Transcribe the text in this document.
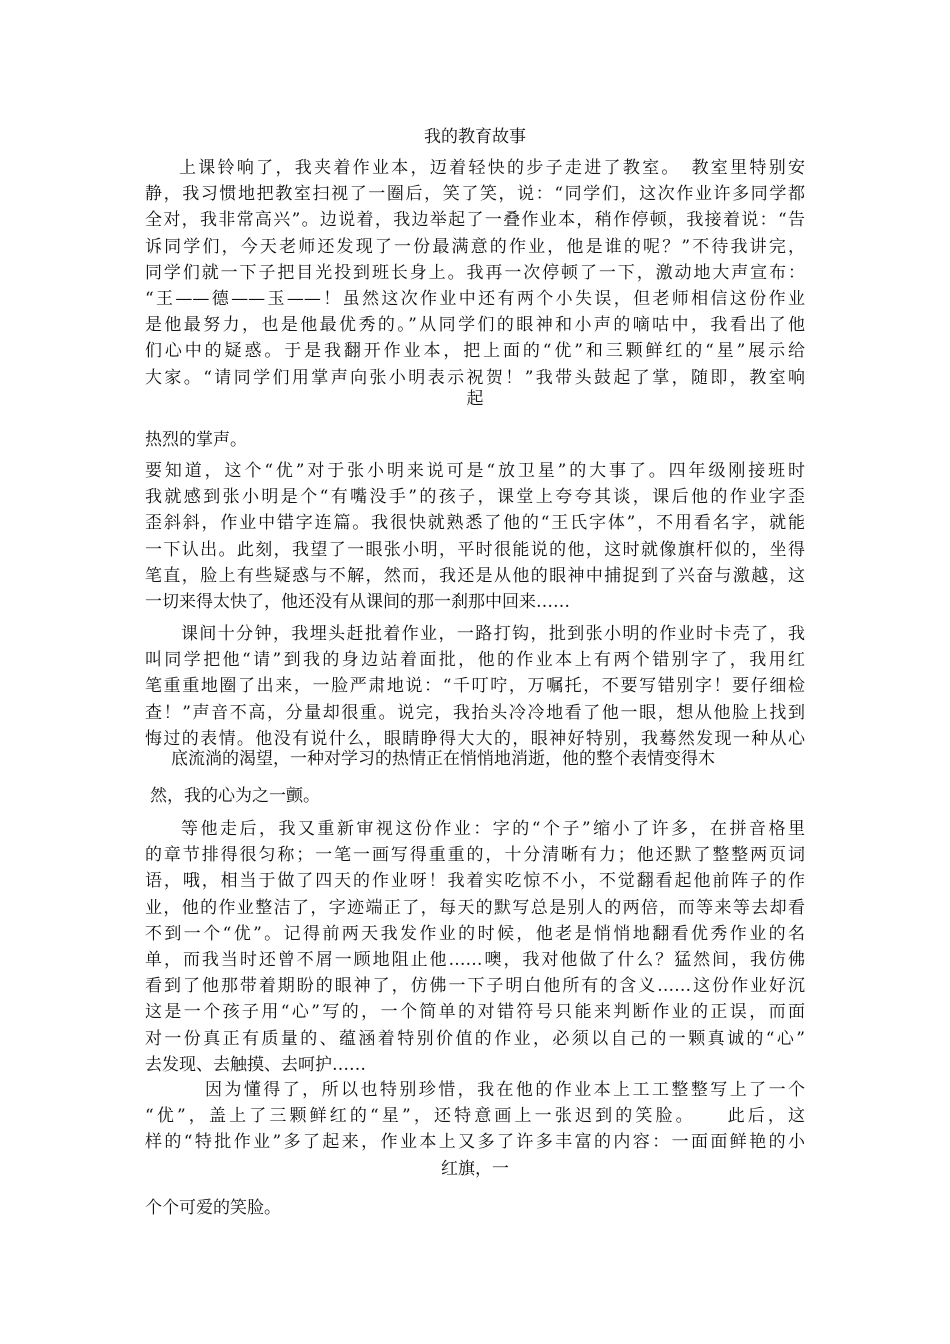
我的教育故事
上课铃响了，我夹着作业本，迈着轻快的步子走进了教室。　教室里特别安
静，我习惯地把教室扫视了一圈后，笑了笑，说：“同学们，这次作业许多同学都
全对，我非常高兴”。边说着，我边举起了一叠作业本，稍作停顿，我接着说：“告
诉同学们，今天老师还发现了一份最满意的作业，他是谁的呢？”不待我讲完，
同学们就一下子把目光投到班长身上。我再一次停顿了一下，激动地大声宣布：
“王——德——玉——！虽然这次作业中还有两个小失误，但老师相信这份作业
是他最努力，也是他最优秀的。”从同学们的眼神和小声的嘀咕中，我看出了他
们心中的疑惑。于是我翻开作业本，把上面的“优”和三颗鲜红的“星”展示给
大家。“请同学们用掌声向张小明表示祝贺！”我带头鼓起了掌，随即，教室响
起
热烈的掌声。
要知道，这个“优”对于张小明来说可是“放卫星”的大事了。四年级刚接班时
我就感到张小明是个“有嘴没手”的孩子，课堂上夸夸其谈，课后他的作业字歪
歪斜斜，作业中错字连篇。我很快就熟悉了他的“王氏字体”，不用看名字，就能
一下认出。此刻，我望了一眼张小明，平时很能说的他，这时就像旗杆似的，坐得
笔直，脸上有些疑惑与不解，然而，我还是从他的眼神中捕捉到了兴奋与激越，这
一切来得太快了，他还没有从课间的那一刹那中回来……
课间十分钟，我埋头赶批着作业，一路打钩，批到张小明的作业时卡壳了，我
叫同学把他“请”到我的身边站着面批，他的作业本上有两个错别字了，我用红
笔重重地圈了出来，一脸严肃地说：“千叮咛，万嘱托，不要写错别字！要仔细检
查！”声音不高，分量却很重。说完，我抬头冷冷地看了他一眼，想从他脸上找到
悔过的表情。他没有说什么，眼睛睁得大大的，眼神好特别，我蓦然发现一种从心
底流淌的渴望，一种对学习的热情正在悄悄地消逝，他的整个表情变得木
然，我的心为之一颤。
等他走后，我又重新审视这份作业：字的“个子”缩小了许多，在拼音格里
的章节排得很匀称；一笔一画写得重重的，十分清晰有力；他还默了整整两页词
语，哦，相当于做了四天的作业呀！我着实吃惊不小，不觉翻看起他前阵子的作
业，他的作业整洁了，字迹端正了，每天的默写总是别人的两倍，而等来等去却看
不到一个“优”。记得前两天我发作业的时候，他老是悄悄地翻看优秀作业的名
单，而我当时还曾不屑一顾地阻止他……噢，我对他做了什么？猛然间，我仿佛
看到了他那带着期盼的眼神了，仿佛一下子明白他所有的含义……这份作业好沉
这是一个孩子用“心”写的，一个简单的对错符号只能来判断作业的正误，而面
对一份真正有质量的、蕴涵着特别价值的作业，必须以自己的一颗真诚的“心”
去发现、去触摸、去呵护……
因为懂得了，所以也特别珍惜，我在他的作业本上工工整整写上了一个
“优”，盖上了三颗鲜红的“星”，还特意画上一张迟到的笑脸。　　此后，这
样的“特批作业”多了起来，作业本上又多了许多丰富的内容：一面面鲜艳的小
红旗，一
个个可爱的笑脸。
